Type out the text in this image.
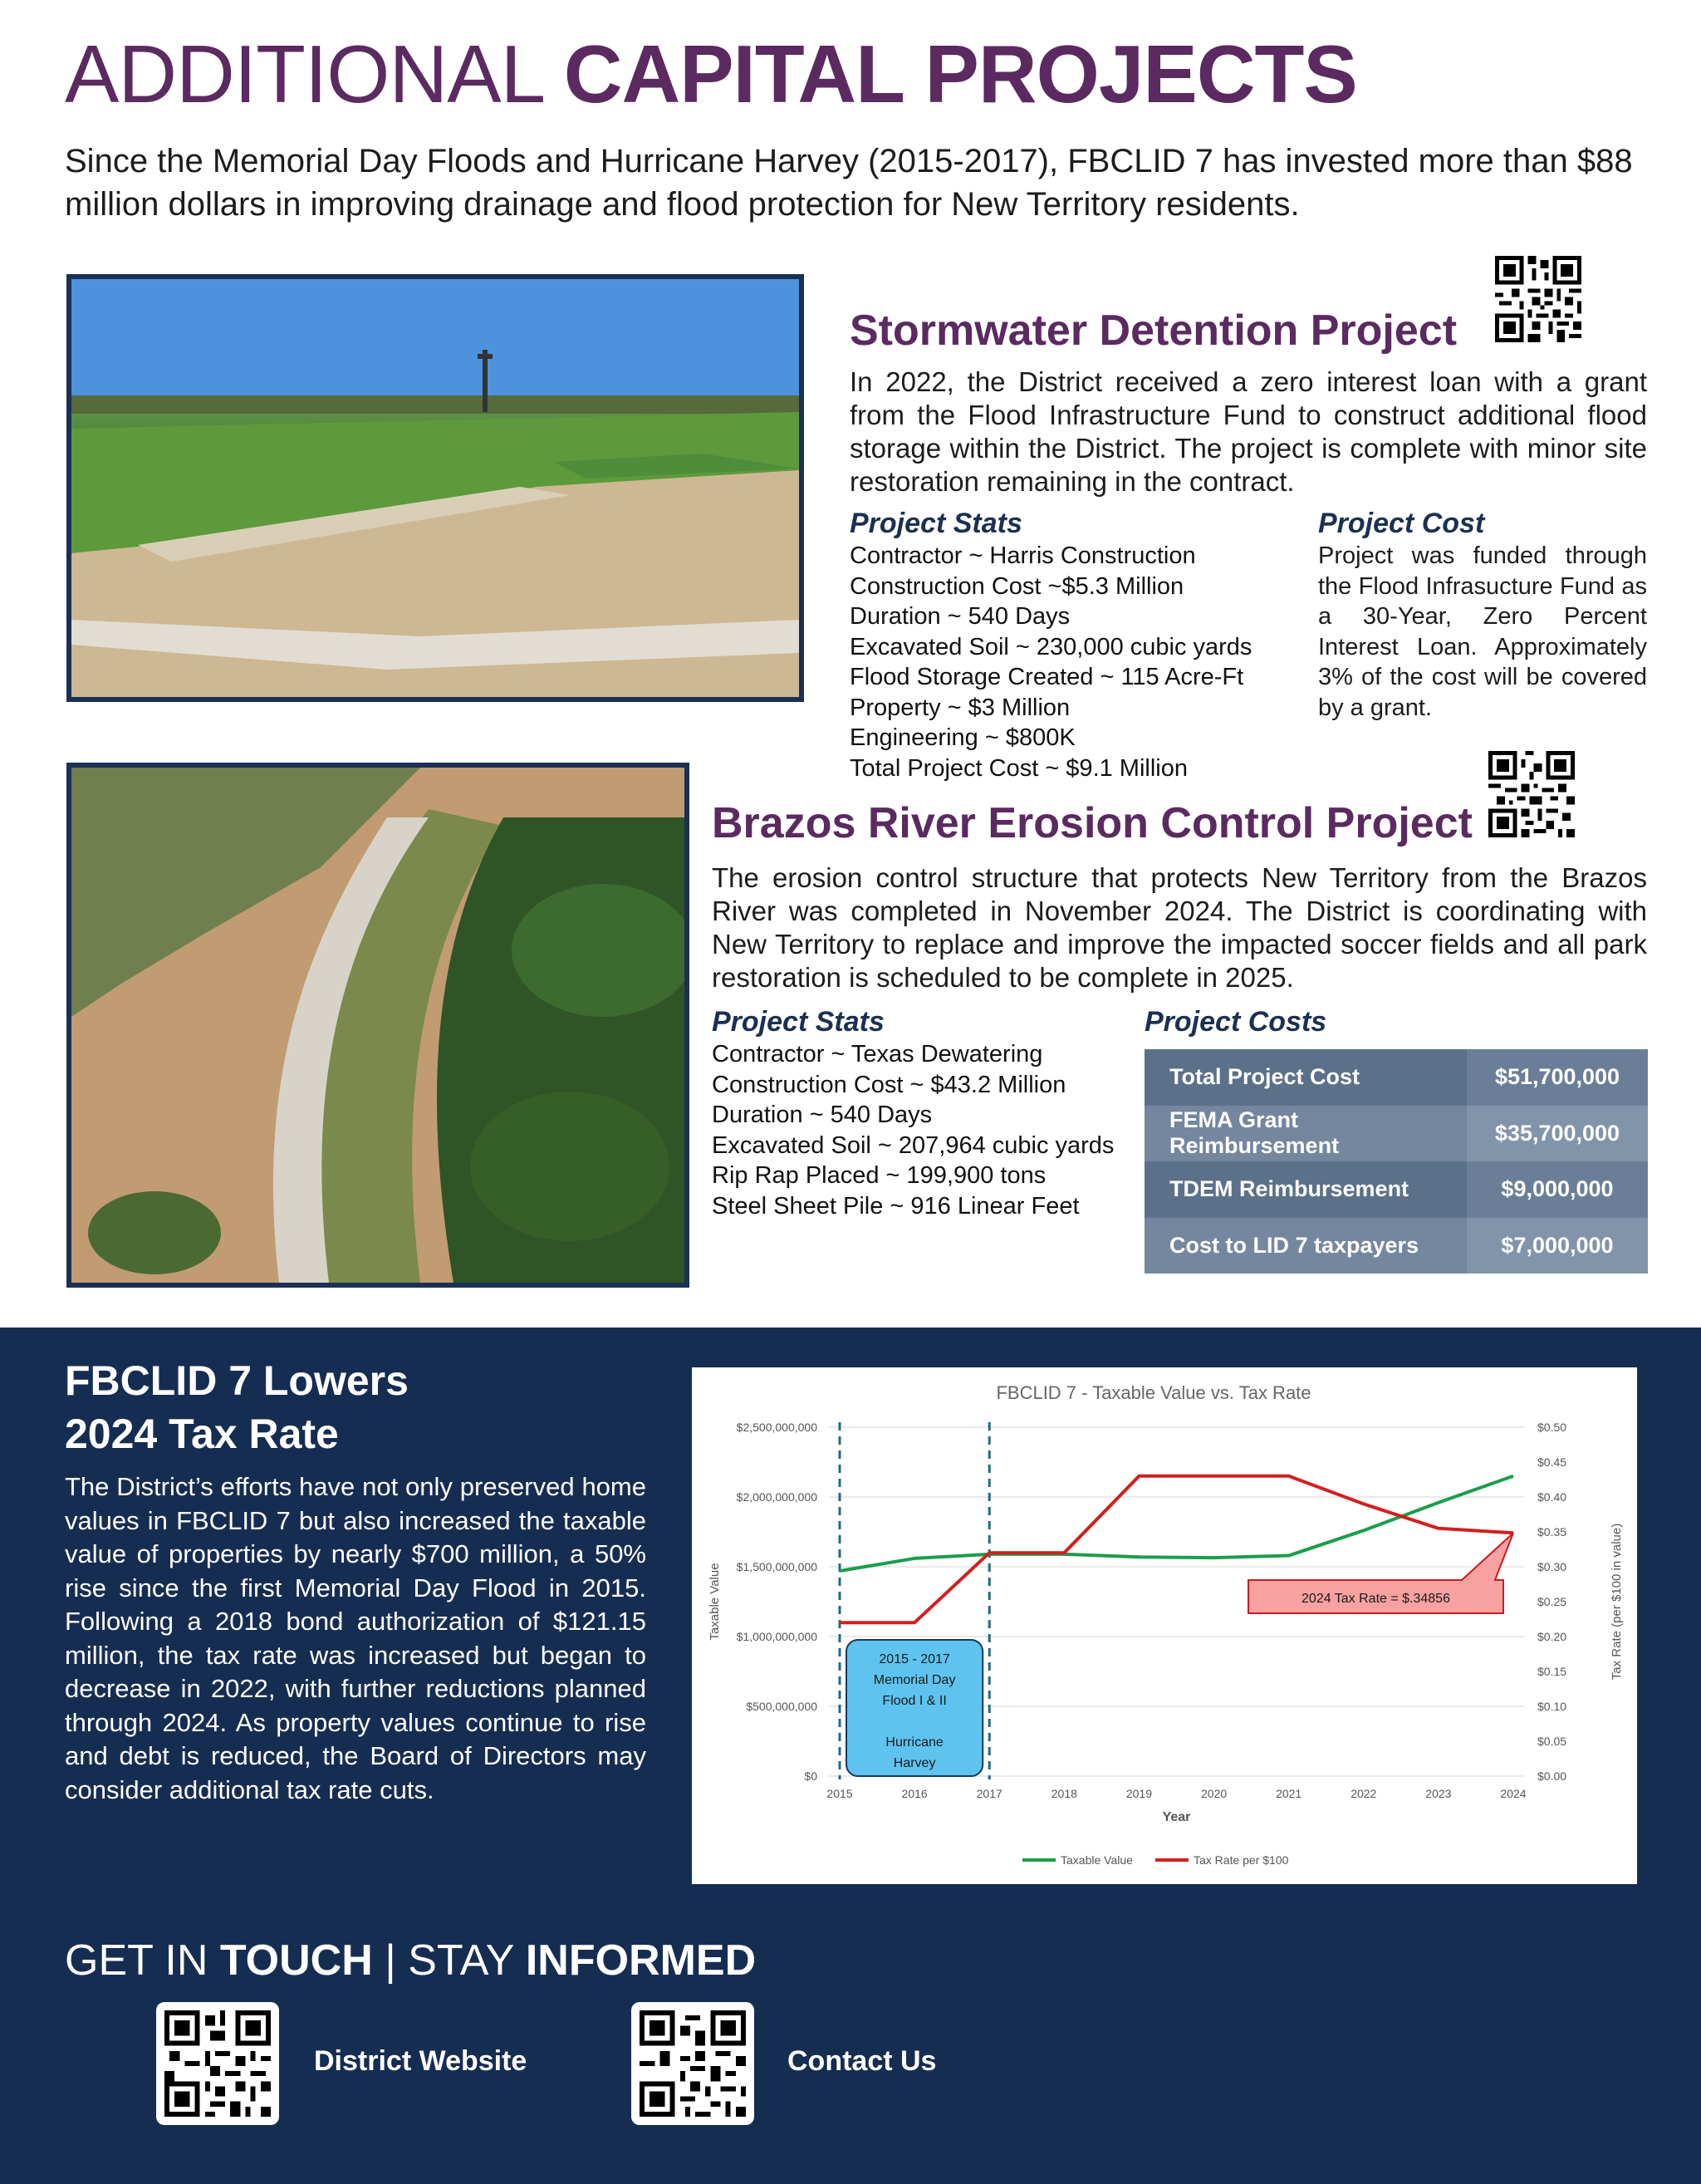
ADDITIONAL CAPITAL PROJECTS
Since the Memorial Day Floods and Hurricane Harvey (2015-2017), FBCLID 7 has invested more than $88 million dollars in improving drainage and flood protection for New Territory residents.
Stormwater Detention Project
In 2022, the District received a zero interest loan with a grant from the Flood Infrastructure Fund to construct additional flood storage within the District. The project is complete with minor site restoration remaining in the contract.
Project Stats
Contractor ~ Harris Construction
Construction Cost ~$5.3 Million
Duration ~ 540 Days
Excavated Soil ~ 230,000 cubic yards
Flood Storage Created ~ 115 Acre-Ft
Property ~ $3 Million
Engineering ~ $800K
Total Project Cost ~ $9.1 Million
Project Cost
Project was funded through the Flood Infrasucture Fund as a 30-Year, Zero Percent Interest Loan. Approximately 3% of the cost will be covered by a grant.
Brazos River Erosion Control Project
The erosion control structure that protects New Territory from the Brazos River was completed in November 2024. The District is coordinating with New Territory to replace and improve the impacted soccer fields and all park restoration is scheduled to be complete in 2025.
Project Stats
Contractor ~ Texas Dewatering
Construction Cost ~ $43.2 Million
Duration ~ 540 Days
Excavated Soil ~ 207,964 cubic yards
Rip Rap Placed ~ 199,900 tons
Steel Sheet Pile ~ 916 Linear Feet
Project Costs
Total Project Cost	$51,700,000
FEMA Grant Reimbursement	$35,700,000
TDEM Reimbursement	$9,000,000
Cost to LID 7 taxpayers	$7,000,000
FBCLID 7 Lowers
2024 Tax Rate
The District’s efforts have not only preserved home values in FBCLID 7 but also increased the taxable value of properties by nearly $700 million, a 50% rise since the first Memorial Day Flood in 2015. Following a 2018 bond authorization of $121.15 million, the tax rate was increased but began to decrease in 2022, with further reductions planned through 2024. As property values continue to rise and debt is reduced, the Board of Directors may consider additional tax rate cuts.
FBCLID 7 - Taxable Value vs. Tax Rate
$0
$500,000,000
$1,000,000,000
$1,500,000,000
$2,000,000,000
$2,500,000,000
$0.00
$0.05
$0.10
$0.15
$0.20
$0.25
$0.30
$0.35
$0.40
$0.45
$0.50
2015	2016	2017	2018	2019	2020	2021	2022	2023	2024
Year
Taxable Value	Tax Rate (per $100 in value)
Taxable Value	Tax Rate per $100
2015 - 2017
Memorial Day
Flood I & II
Hurricane
Harvey
2024 Tax Rate = $.34856
GET IN TOUCH | STAY INFORMED
District Website	Contact Us
